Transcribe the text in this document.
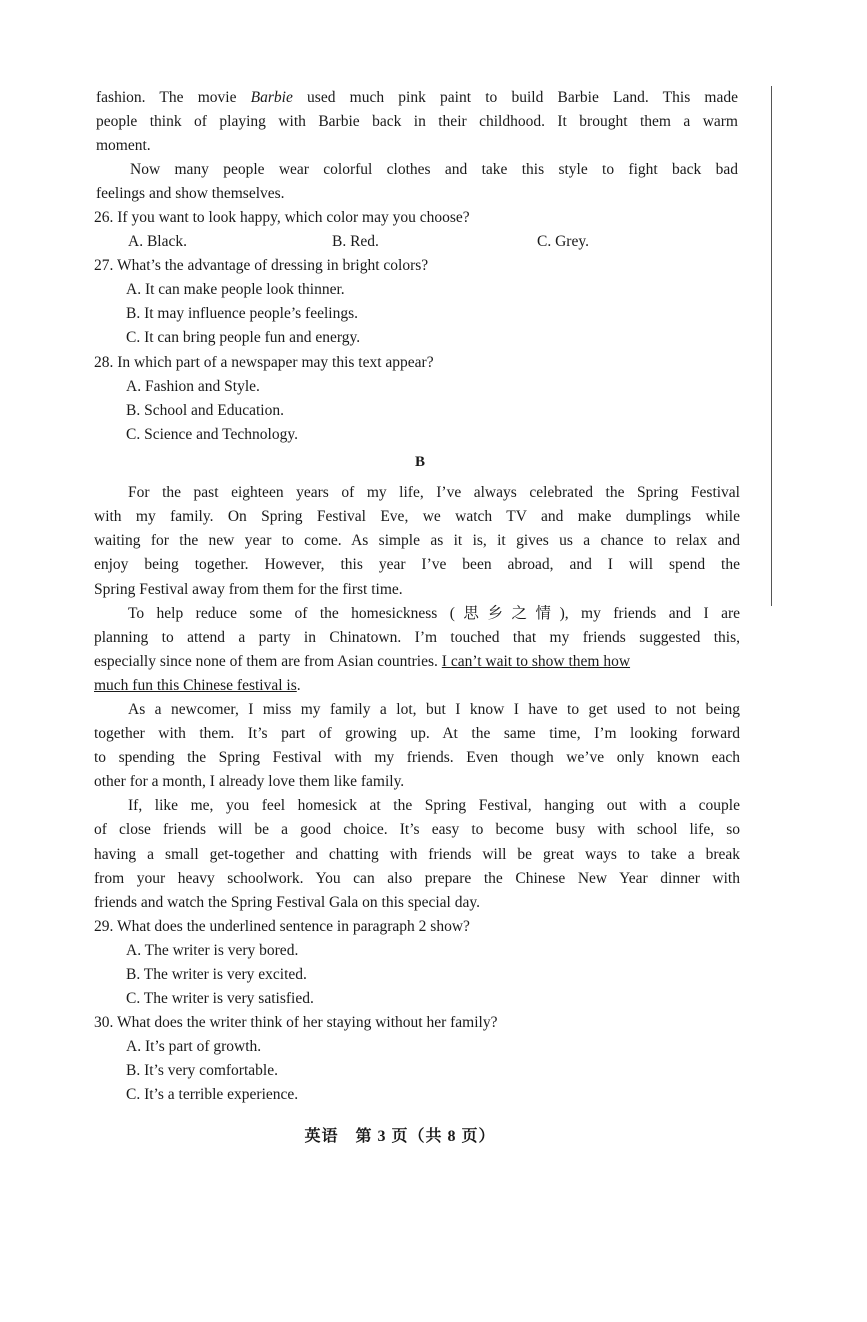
fashion. The movie Barbie used much pink paint to build Barbie Land. This made
people think of playing with Barbie back in their childhood. It brought them a warm
moment.
Now many people wear colorful clothes and take this style to fight back bad
feelings and show themselves.
26. If you want to look happy, which color may you choose?
A. Black.	B. Red.	C. Grey.
27. What’s the advantage of dressing in bright colors?
A. It can make people look thinner.
B. It may influence people’s feelings.
C. It can bring people fun and energy.
28. In which part of a newspaper may this text appear?
A. Fashion and Style.
B. School and Education.
C. Science and Technology.
B
For the past eighteen years of my life, I’ve always celebrated the Spring Festival
with my family. On Spring Festival Eve, we watch TV and make dumplings while
waiting for the new year to come. As simple as it is, it gives us a chance to relax and
enjoy being together. However, this year I’ve been abroad, and I will spend the
Spring Festival away from them for the first time.
To help reduce some of the homesickness (思乡之情), my friends and I are
planning to attend a party in Chinatown. I’m touched that my friends suggested this,
especially since none of them are from Asian countries. I can’t wait to show them how
much fun this Chinese festival is.
As a newcomer, I miss my family a lot, but I know I have to get used to not being
together with them. It’s part of growing up. At the same time, I’m looking forward
to spending the Spring Festival with my friends. Even though we’ve only known each
other for a month, I already love them like family.
If, like me, you feel homesick at the Spring Festival, hanging out with a couple
of close friends will be a good choice. It’s easy to become busy with school life, so
having a small get-together and chatting with friends will be great ways to take a break
from your heavy schoolwork. You can also prepare the Chinese New Year dinner with
friends and watch the Spring Festival Gala on this special day.
29. What does the underlined sentence in paragraph 2 show?
A. The writer is very bored.
B. The writer is very excited.
C. The writer is very satisfied.
30. What does the writer think of her staying without her family?
A. It’s part of growth.
B. It’s very comfortable.
C. It’s a terrible experience.
英语　第 3 页（共 8 页）
